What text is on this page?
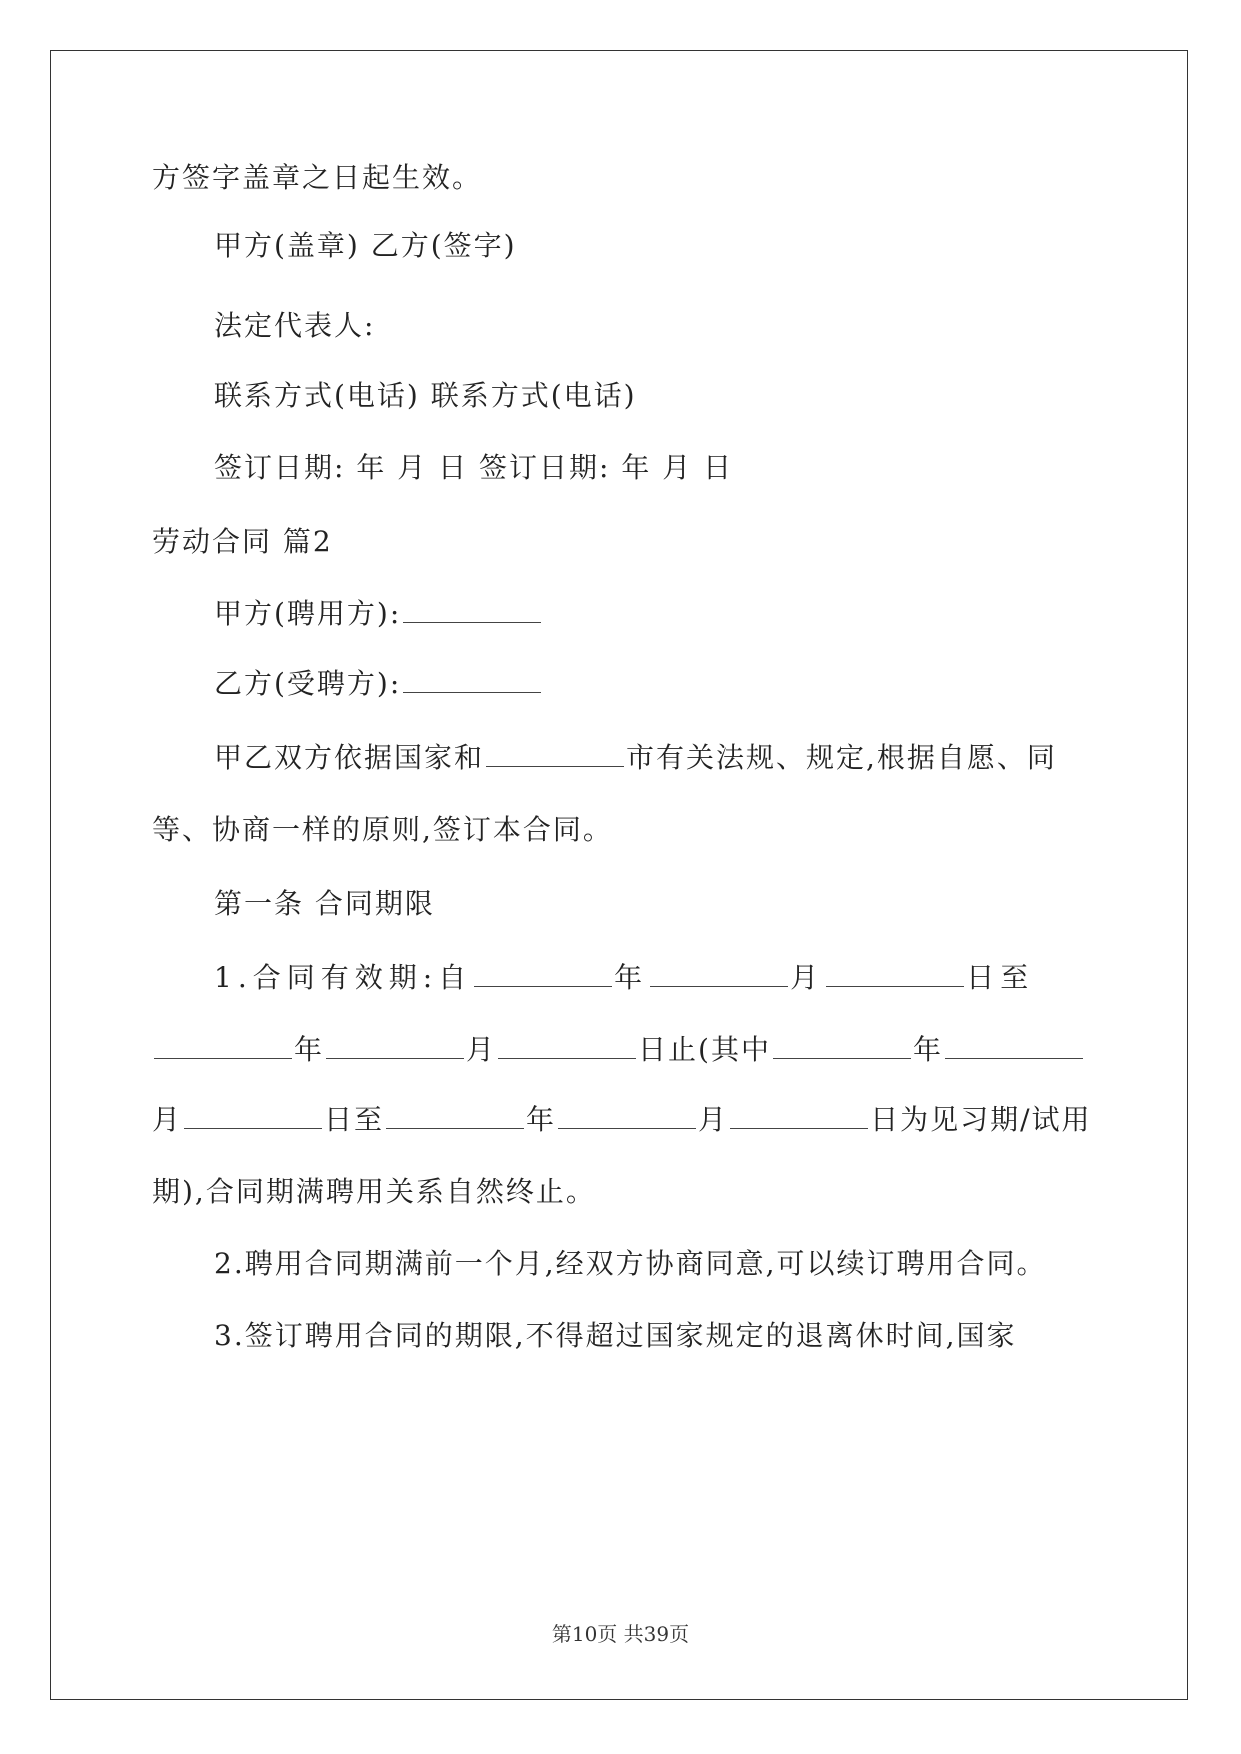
方签字盖章之日起生效。
甲方(盖章) 乙方(签字)
法定代表人:
联系方式(电话) 联系方式(电话)
签订日期: 年 月 日 签订日期: 年 月 日
劳动合同 篇2
甲方(聘用方):
乙方(受聘方):
甲乙双方依据国家和	市有关法规、规定,根据自愿、同
等、协商一样的原则,签订本合同。
第一条 合同期限
1.合同有效期:自	年	月	日至
年	月	日止(其中	年
月	日至	年	月	日为见习期/试用
期),合同期满聘用关系自然终止。
2.聘用合同期满前一个月,经双方协商同意,可以续订聘用合同。
3.签订聘用合同的期限,不得超过国家规定的退离休时间,国家
第10页 共39页
